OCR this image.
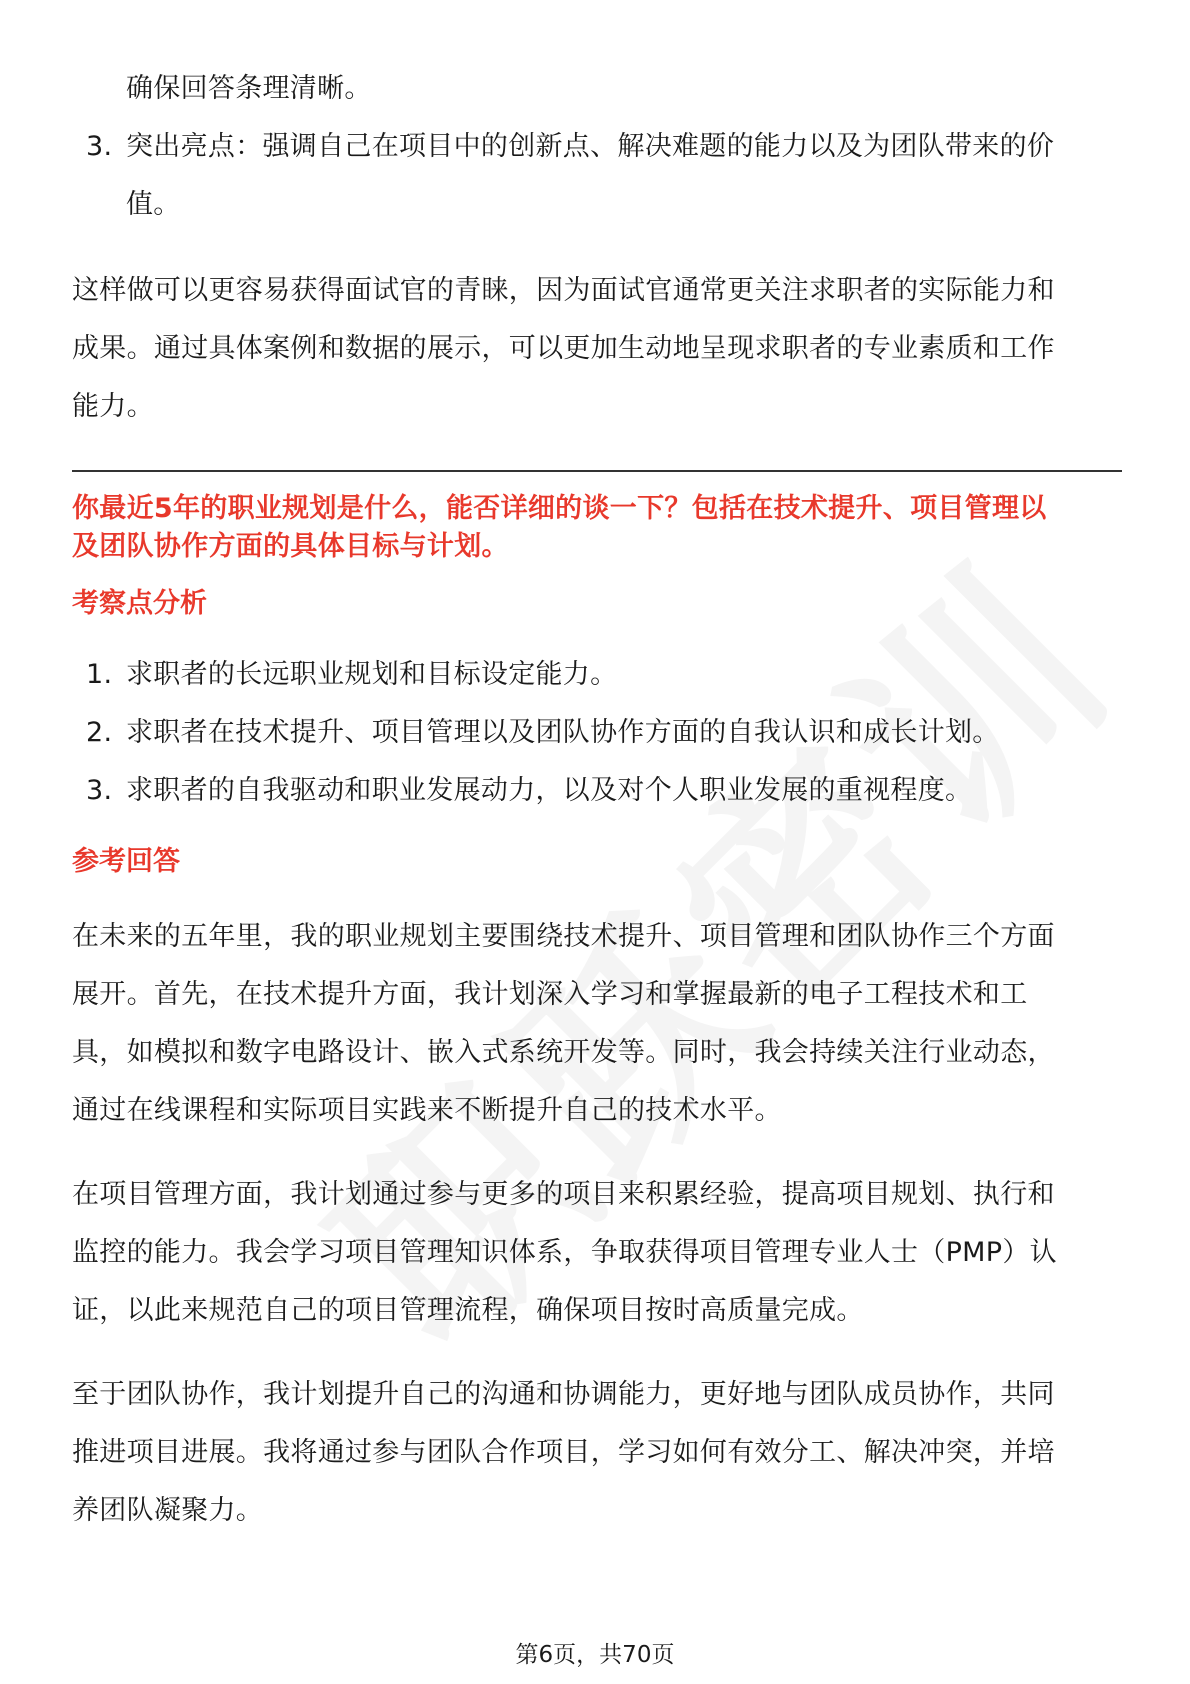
确保回答条理清晰。

3. 突出亮点：强调自己在项目中的创新点、解决难题的能力以及为团队带来的价
值。

这样做可以更容易获得面试官的青睐，因为面试官通常更关注求职者的实际能力和

成果。通过具体案例和数据的展示，可以更加生动地呈现求职者的专业素质和工作

能力。

你最近5年的职业规划是什么，能否详细的谈一下？包括在技术提升、项目管理以

及团队协作方面的具体目标与计划。

考察点分析

1. 求职者的长远职业规划和目标设定能力。
2. 求职者在技术提升、项目管理以及团队协作方面的自我认识和成长计划。
3. 求职者的自我驱动和职业发展动力，以及对个人职业发展的重视程度。

参考回答

在未来的五年里，我的职业规划主要围绕技术提升、项目管理和团队协作三个方面

展开。首先，在技术提升方面，我计划深入学习和掌握最新的电子工程技术和工

具，如模拟和数字电路设计、嵌入式系统开发等。同时，我会持续关注行业动态，

通过在线课程和实际项目实践来不断提升自己的技术水平。

在项目管理方面，我计划通过参与更多的项目来积累经验，提高项目规划、执行和

监控的能力。我会学习项目管理知识体系，争取获得项目管理专业人士（PMP）认

证，以此来规范自己的项目管理流程，确保项目按时高质量完成。

至于团队协作，我计划提升自己的沟通和协调能力，更好地与团队成员协作，共同

推进项目进展。我将通过参与团队合作项目，学习如何有效分工、解决冲突，并培

养团队凝聚力。

第6页，共70页
